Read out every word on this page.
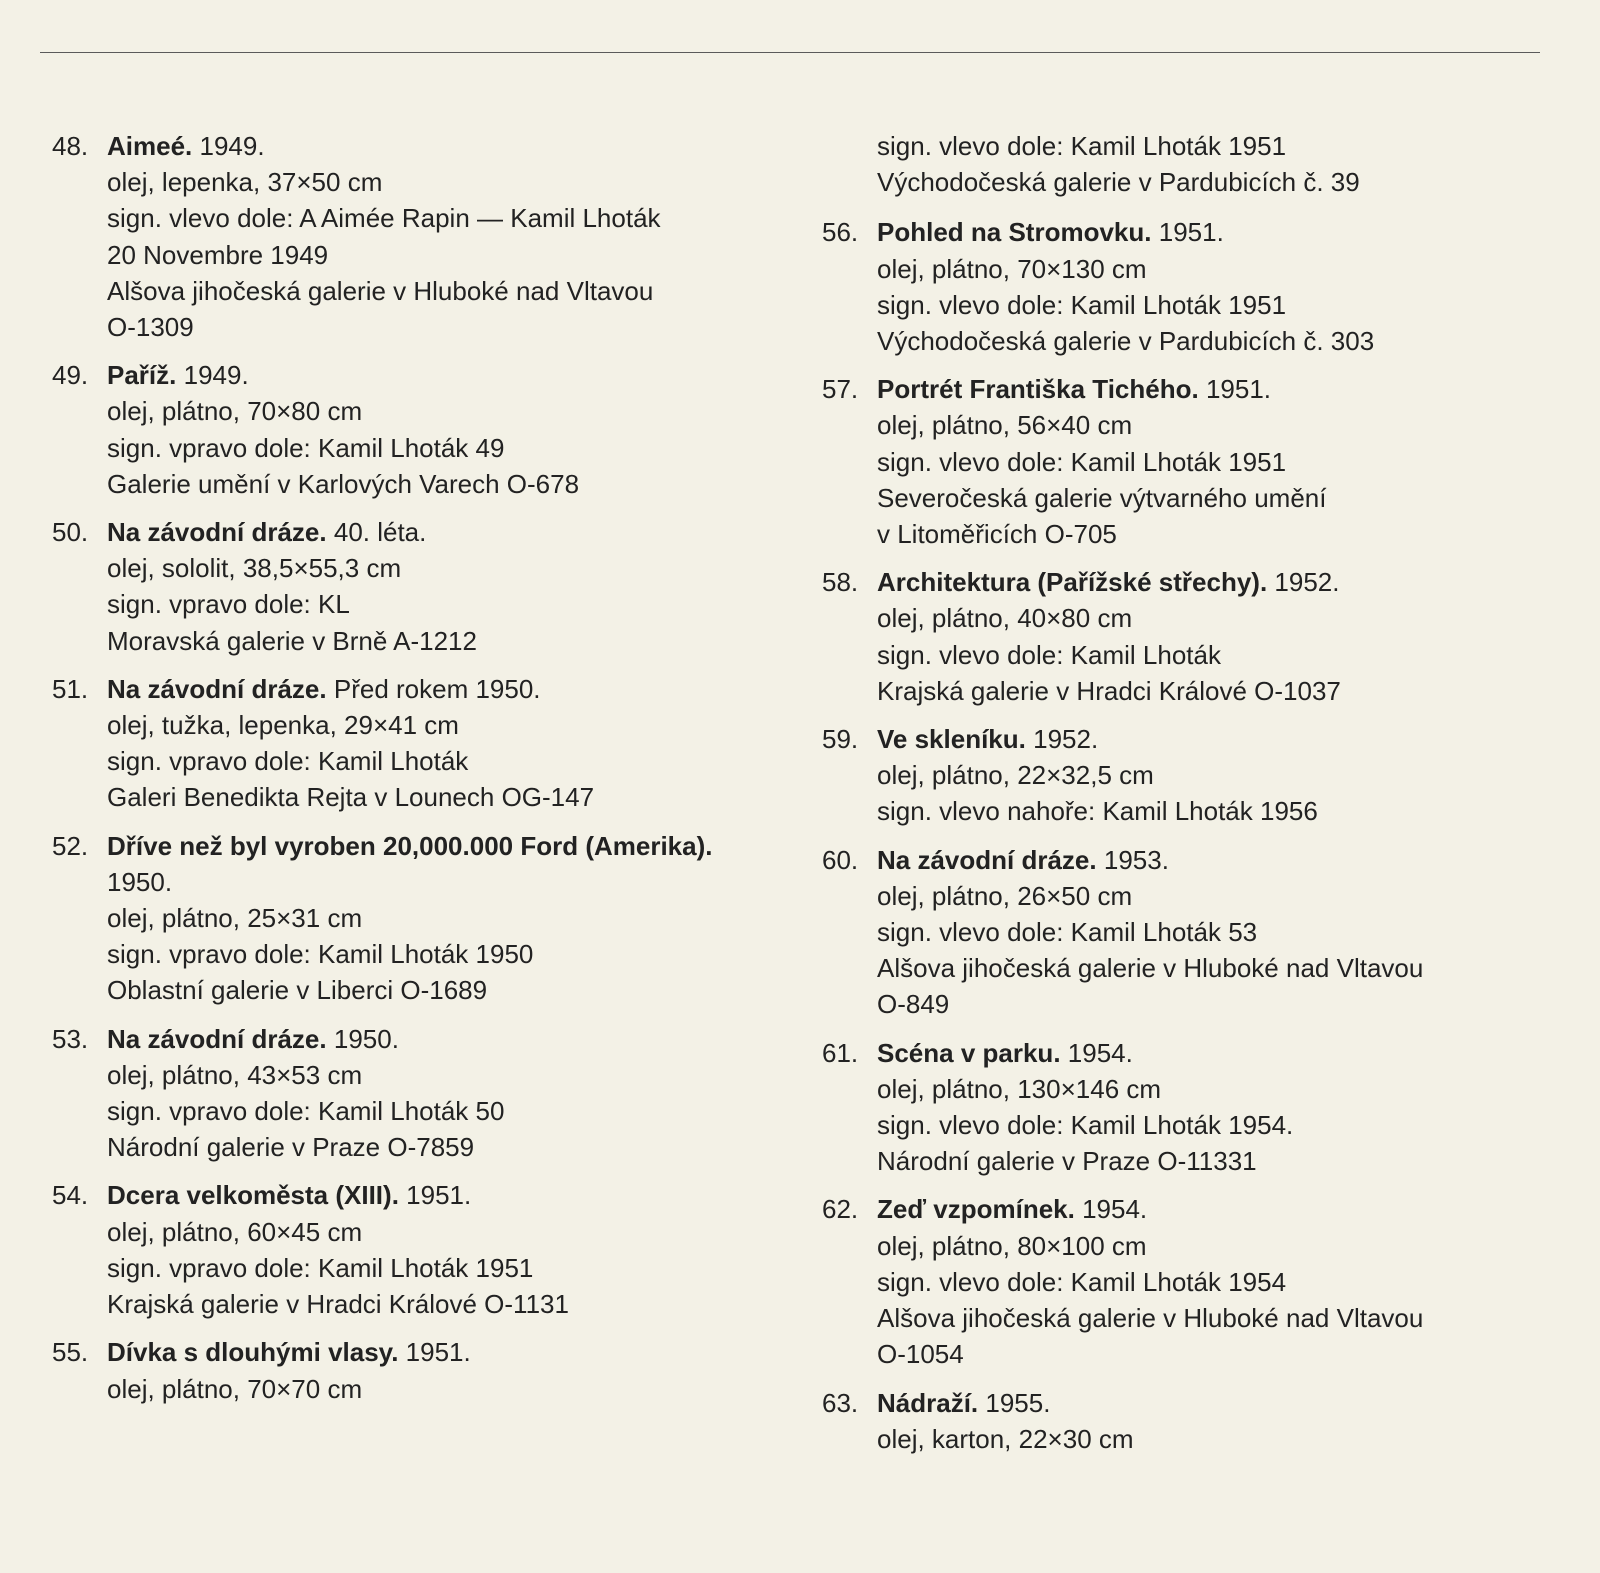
48. Aimeé. 1949.
olej, lepenka, 37×50 cm
sign. vlevo dole: A Aimée Rapin — Kamil Lhoták
20 Novembre 1949
Alšova jihočeská galerie v Hluboké nad Vltavou
O-1309
49. Paříž. 1949.
olej, plátno, 70×80 cm
sign. vpravo dole: Kamil Lhoták 49
Galerie umění v Karlových Varech O-678
50. Na závodní dráze. 40. léta.
olej, sololit, 38,5×55,3 cm
sign. vpravo dole: KL
Moravská galerie v Brně A-1212
51. Na závodní dráze. Před rokem 1950.
olej, tužka, lepenka, 29×41 cm
sign. vpravo dole: Kamil Lhoták
Galeri Benedikta Rejta v Lounech OG-147
52. Dříve než byl vyroben 20,000.000 Ford (Amerika).
1950.
olej, plátno, 25×31 cm
sign. vpravo dole: Kamil Lhoták 1950
Oblastní galerie v Liberci O-1689
53. Na závodní dráze. 1950.
olej, plátno, 43×53 cm
sign. vpravo dole: Kamil Lhoták 50
Národní galerie v Praze O-7859
54. Dcera velkoměsta (XIII). 1951.
olej, plátno, 60×45 cm
sign. vpravo dole: Kamil Lhoták 1951
Krajská galerie v Hradci Králové O-1131
55. Dívka s dlouhými vlasy. 1951.
olej, plátno, 70×70 cm
sign. vlevo dole: Kamil Lhoták 1951
Východočeská galerie v Pardubicích č. 39
56. Pohled na Stromovku. 1951.
olej, plátno, 70×130 cm
sign. vlevo dole: Kamil Lhoták 1951
Východočeská galerie v Pardubicích č. 303
57. Portrét Františka Tichého. 1951.
olej, plátno, 56×40 cm
sign. vlevo dole: Kamil Lhoták 1951
Severočeská galerie výtvarného umění
v Litoměřicích O-705
58. Architektura (Pařížské střechy). 1952.
olej, plátno, 40×80 cm
sign. vlevo dole: Kamil Lhoták
Krajská galerie v Hradci Králové O-1037
59. Ve skleníku. 1952.
olej, plátno, 22×32,5 cm
sign. vlevo nahoře: Kamil Lhoták 1956
60. Na závodní dráze. 1953.
olej, plátno, 26×50 cm
sign. vlevo dole: Kamil Lhoták 53
Alšova jihočeská galerie v Hluboké nad Vltavou
O-849
61. Scéna v parku. 1954.
olej, plátno, 130×146 cm
sign. vlevo dole: Kamil Lhoták 1954.
Národní galerie v Praze O-11331
62. Zeď vzpomínek. 1954.
olej, plátno, 80×100 cm
sign. vlevo dole: Kamil Lhoták 1954
Alšova jihočeská galerie v Hluboké nad Vltavou
O-1054
63. Nádraží. 1955.
olej, karton, 22×30 cm
